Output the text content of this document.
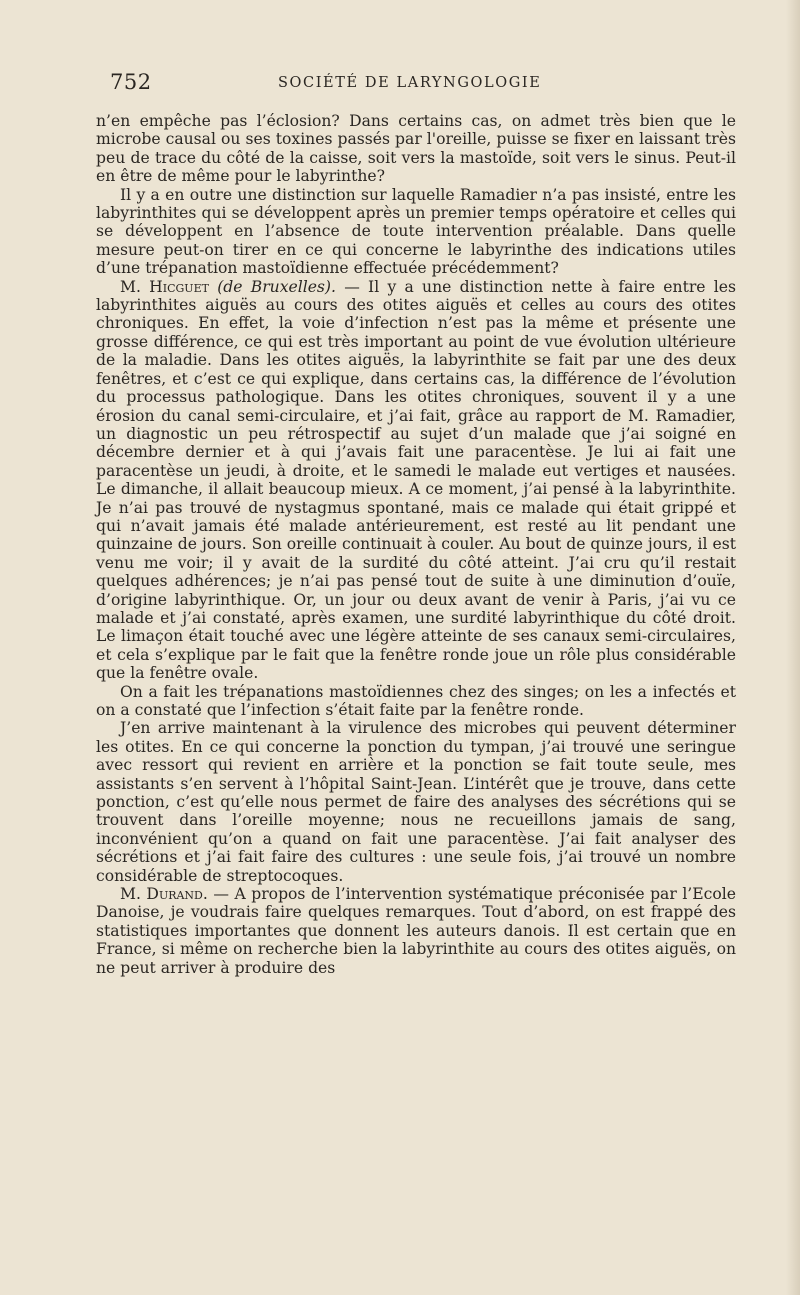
752	SOCIÉTÉ DE LARYNGOLOGIE

n’en empêche pas l’éclosion? Dans certains cas, on admet très bien que le microbe causal ou ses toxines passés par l'oreille, puisse se fixer en laissant très peu de trace du côté de la caisse, soit vers la mastoïde, soit vers le sinus. Peut-il en être de même pour le labyrinthe?

Il y a en outre une distinction sur laquelle Ramadier n’a pas insisté, entre les labyrinthites qui se développent après un premier temps opératoire et celles qui se développent en l’absence de toute intervention préalable. Dans quelle mesure peut-on tirer en ce qui concerne le labyrinthe des indications utiles d’une trépanation mastoïdienne effectuée précédemment?

M. Hicguet (de Bruxelles). — Il y a une distinction nette à faire entre les labyrinthites aiguës au cours des otites aiguës et celles au cours des otites chroniques. En effet, la voie d’infection n’est pas la même et présente une grosse différence, ce qui est très important au point de vue évolution ultérieure de la maladie. Dans les otites aiguës, la labyrinthite se fait par une des deux fenêtres, et c’est ce qui explique, dans certains cas, la différence de l’évolution du processus pathologique. Dans les otites chroniques, souvent il y a une érosion du canal semi-circulaire, et j’ai fait, grâce au rapport de M. Ramadier, un diagnostic un peu rétrospectif au sujet d’un malade que j’ai soigné en décembre dernier et à qui j’avais fait une paracentèse. Je lui ai fait une paracentèse un jeudi, à droite, et le samedi le malade eut vertiges et nausées. Le dimanche, il allait beaucoup mieux. A ce moment, j’ai pensé à la labyrinthite. Je n’ai pas trouvé de nystagmus spontané, mais ce malade qui était grippé et qui n’avait jamais été malade antérieurement, est resté au lit pendant une quinzaine de jours. Son oreille continuait à couler. Au bout de quinze jours, il est venu me voir; il y avait de la surdité du côté atteint. J’ai cru qu’il restait quelques adhérences; je n’ai pas pensé tout de suite à une diminution d’ouïe, d’origine labyrinthique. Or, un jour ou deux avant de venir à Paris, j’ai vu ce malade et j’ai constaté, après examen, une surdité labyrinthique du côté droit. Le limaçon était touché avec une légère atteinte de ses canaux semi-circulaires, et cela s’explique par le fait que la fenêtre ronde joue un rôle plus considérable que la fenêtre ovale.

On a fait les trépanations mastoïdiennes chez des singes; on les a infectés et on a constaté que l’infection s’était faite par la fenêtre ronde.

J’en arrive maintenant à la virulence des microbes qui peuvent déterminer les otites. En ce qui concerne la ponction du tympan, j’ai trouvé une seringue avec ressort qui revient en arrière et la ponction se fait toute seule, mes assistants s’en servent à l’hôpital Saint-Jean. L’intérêt que je trouve, dans cette ponction, c’est qu’elle nous permet de faire des analyses des sécrétions qui se trouvent dans l’oreille moyenne; nous ne recueillons jamais de sang, inconvénient qu’on a quand on fait une paracentèse. J’ai fait analyser des sécrétions et j’ai fait faire des cultures : une seule fois, j’ai trouvé un nombre considérable de streptocoques.

M. Durand. — A propos de l’intervention systématique préconisée par l’Ecole Danoise, je voudrais faire quelques remarques. Tout d’abord, on est frappé des statistiques importantes que donnent les auteurs danois. Il est certain que en France, si même on recherche bien la labyrinthite au cours des otites aiguës, on ne peut arriver à produire des
